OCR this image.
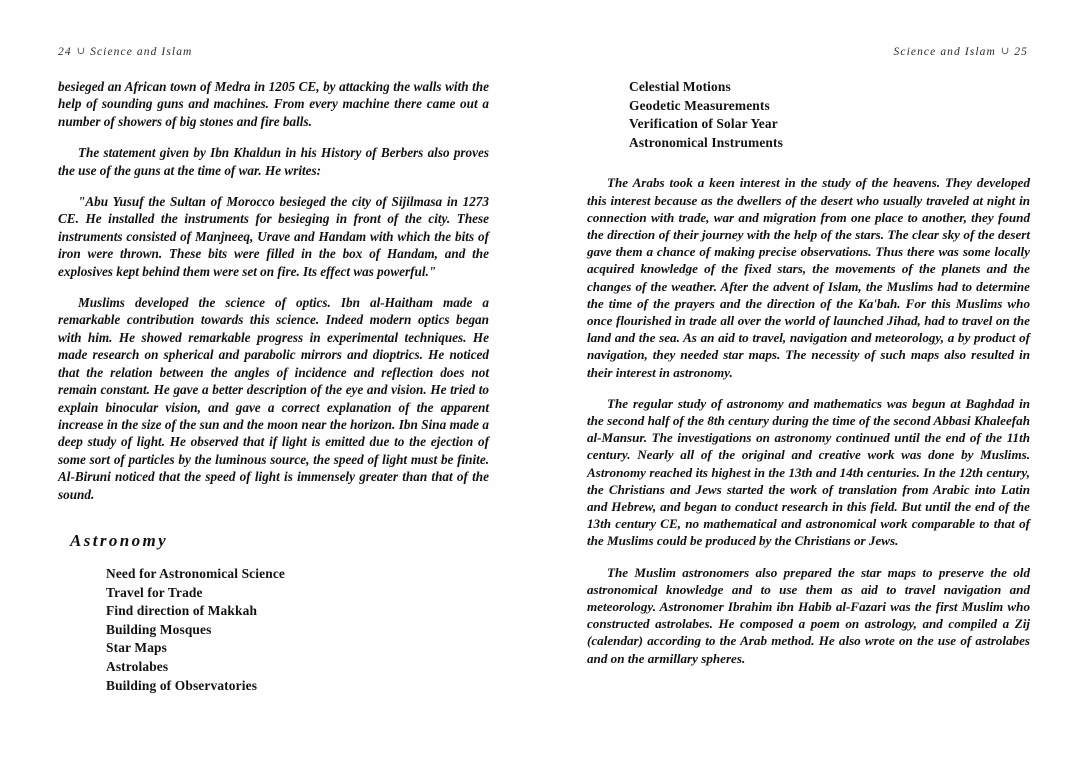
24 ∪ Science and Islam

besieged an African town of Medra in 1205 CE, by attacking the walls with the help of sounding guns and machines. From every machine there came out a number of showers of big stones and fire balls.

The statement given by Ibn Khaldun in his History of Berbers also proves the use of the guns at the time of war. He writes:

"Abu Yusuf the Sultan of Morocco besieged the city of Sijilmasa in 1273 CE. He installed the instruments for besieging in front of the city. These instruments consisted of Manjneeq, Urave and Handam with which the bits of iron were thrown. These bits were filled in the box of Handam, and the explosives kept behind them were set on fire. Its effect was powerful."

Muslims developed the science of optics. Ibn al-Haitham made a remarkable contribution towards this science. Indeed modern optics began with him. He showed remarkable progress in experimental techniques. He made research on spherical and parabolic mirrors and dioptrics. He noticed that the relation between the angles of incidence and reflection does not remain constant. He gave a better description of the eye and vision. He tried to explain binocular vision, and gave a correct explanation of the apparent increase in the size of the sun and the moon near the horizon. Ibn Sina made a deep study of light. He observed that if light is emitted due to the ejection of some sort of particles by the luminous source, the speed of light must be finite. Al-Biruni noticed that the speed of light is immensely greater than that of the sound.

Astronomy
Need for Astronomical Science
Travel for Trade
Find direction of Makkah
Building Mosques
Star Maps
Astrolabes
Building of Observatories
Science and Islam ∪ 25
Celestial Motions
Geodetic Measurements
Verification of Solar Year
Astronomical Instruments

The Arabs took a keen interest in the study of the heavens. They developed this interest because as the dwellers of the desert who usually traveled at night in connection with trade, war and migration from one place to another, they found the direction of their journey with the help of the stars. The clear sky of the desert gave them a chance of making precise observations. Thus there was some locally acquired knowledge of the fixed stars, the movements of the planets and the changes of the weather. After the advent of Islam, the Muslims had to determine the time of the prayers and the direction of the Ka'bah. For this Muslims who once flourished in trade all over the world of launched Jihad, had to travel on the land and the sea. As an aid to travel, navigation and meteorology, a by product of navigation, they needed star maps. The necessity of such maps also resulted in their interest in astronomy.

The regular study of astronomy and mathematics was begun at Baghdad in the second half of the 8th century during the time of the second Abbasi Khaleefah al-Mansur. The investigations on astronomy continued until the end of the 11th century. Nearly all of the original and creative work was done by Muslims. Astronomy reached its highest in the 13th and 14th centuries. In the 12th century, the Christians and Jews started the work of translation from Arabic into Latin and Hebrew, and began to conduct research in this field. But until the end of the 13th century CE, no mathematical and astronomical work comparable to that of the Muslims could be produced by the Christians or Jews.

The Muslim astronomers also prepared the star maps to preserve the old astronomical knowledge and to use them as aid to travel navigation and meteorology. Astronomer Ibrahim ibn Habib al-Fazari was the first Muslim who constructed astrolabes. He composed a poem on astrology, and compiled a Zij (calendar) according to the Arab method. He also wrote on the use of astrolabes and on the armillary spheres.
